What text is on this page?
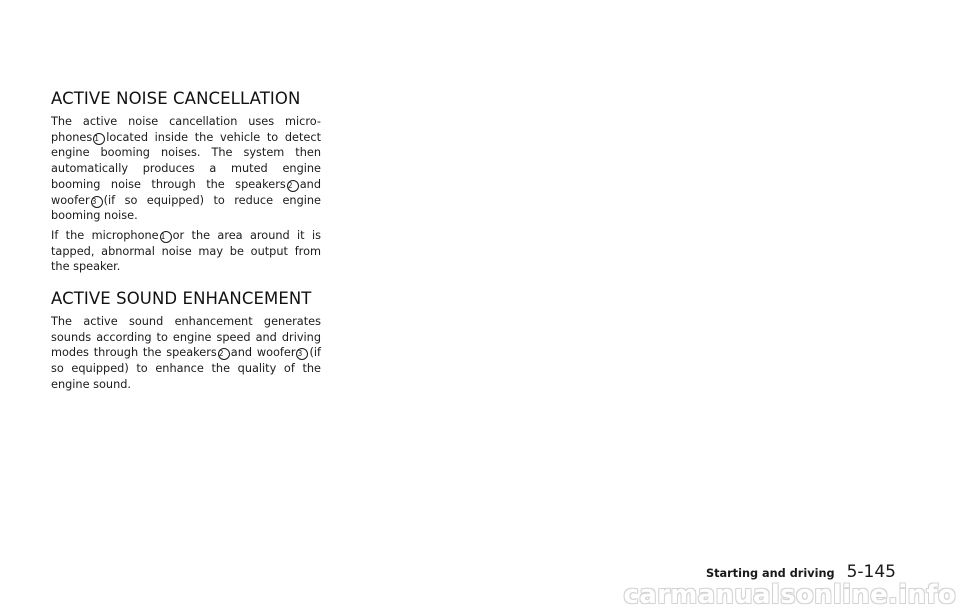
ACTIVE NOISE CANCELLATION

The active noise cancellation uses micro-phones 1 located inside the vehicle to detect engine booming noises. The system then automatically produces a muted engine booming noise through the speakers 2 and woofer 3 (if so equipped) to reduce engine booming noise.

If the microphone 1 or the area around it is tapped, abnormal noise may be output from the speaker.

ACTIVE SOUND ENHANCEMENT

The active sound enhancement generates sounds according to engine speed and driving modes through the speakers 2 and woofer 3 (if so equipped) to enhance the quality of the engine sound.

Starting and driving 5-145
carmanualsonline.info
